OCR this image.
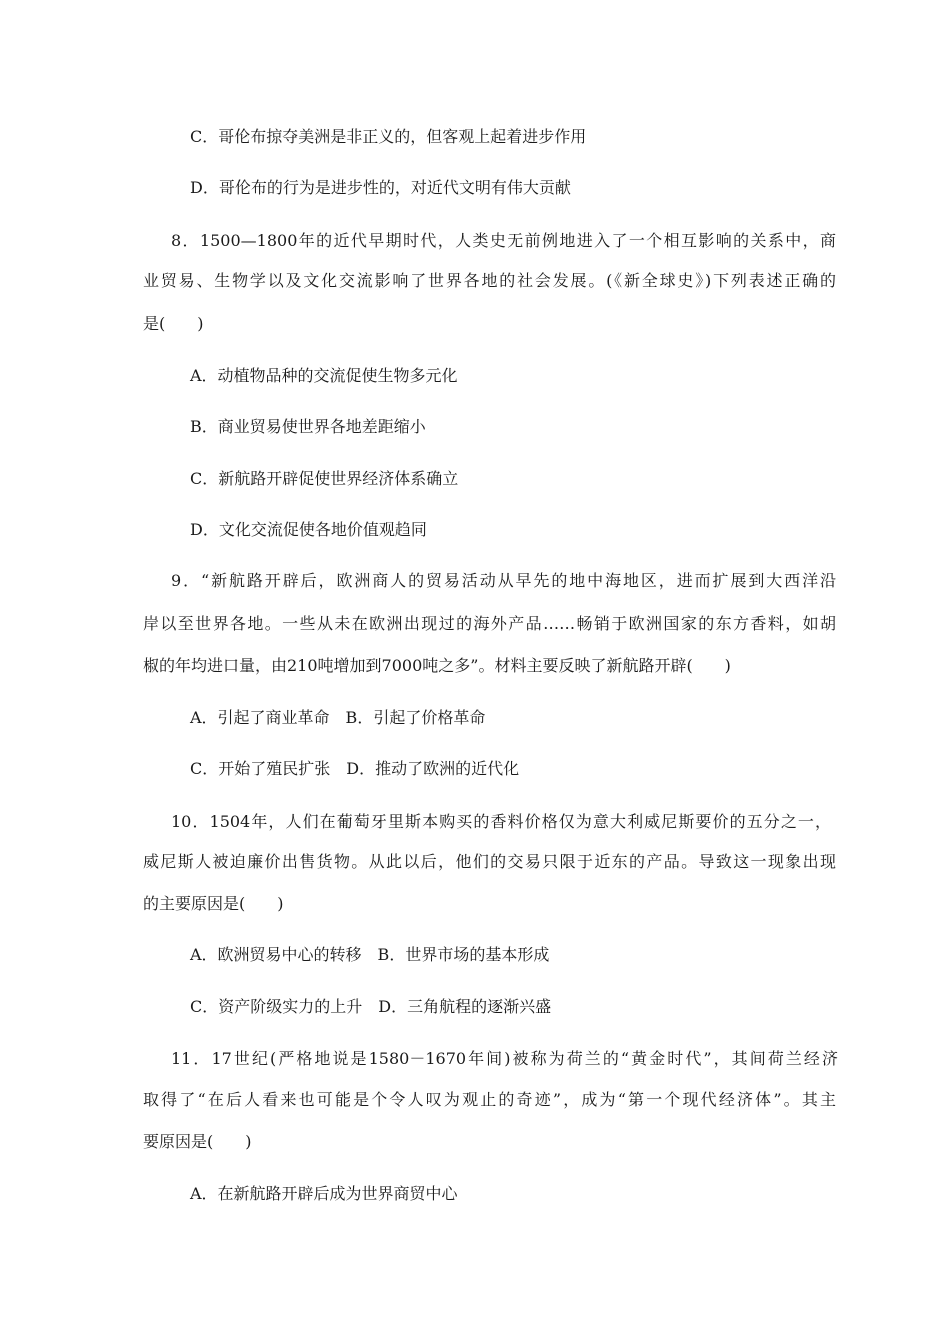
C．哥伦布掠夺美洲是非正义的，但客观上起着进步作用
D．哥伦布的行为是进步性的，对近代文明有伟大贡献
8．1500—1800年的近代早期时代，人类史无前例地进入了一个相互影响的关系中，商
业贸易、生物学以及文化交流影响了世界各地的社会发展。(《新全球史》)下列表述正确的
是(　　)
A．动植物品种的交流促使生物多元化
B．商业贸易使世界各地差距缩小
C．新航路开辟促使世界经济体系确立
D．文化交流促使各地价值观趋同
9．“新航路开辟后，欧洲商人的贸易活动从早先的地中海地区，进而扩展到大西洋沿
岸以至世界各地。一些从未在欧洲出现过的海外产品……畅销于欧洲国家的东方香料，如胡
椒的年均进口量，由210吨增加到7000吨之多”。材料主要反映了新航路开辟(　　)
A．引起了商业革命　B．引起了价格革命
C．开始了殖民扩张　D．推动了欧洲的近代化
10．1504年，人们在葡萄牙里斯本购买的香料价格仅为意大利威尼斯要价的五分之一，
威尼斯人被迫廉价出售货物。从此以后，他们的交易只限于近东的产品。导致这一现象出现
的主要原因是(　　)
A．欧洲贸易中心的转移　B．世界市场的基本形成
C．资产阶级实力的上升　D．三角航程的逐渐兴盛
11．17世纪(严格地说是1580－1670年间)被称为荷兰的“黄金时代”，其间荷兰经济
取得了“在后人看来也可能是个令人叹为观止的奇迹”，成为“第一个现代经济体”。其主
要原因是(　　)
A．在新航路开辟后成为世界商贸中心
